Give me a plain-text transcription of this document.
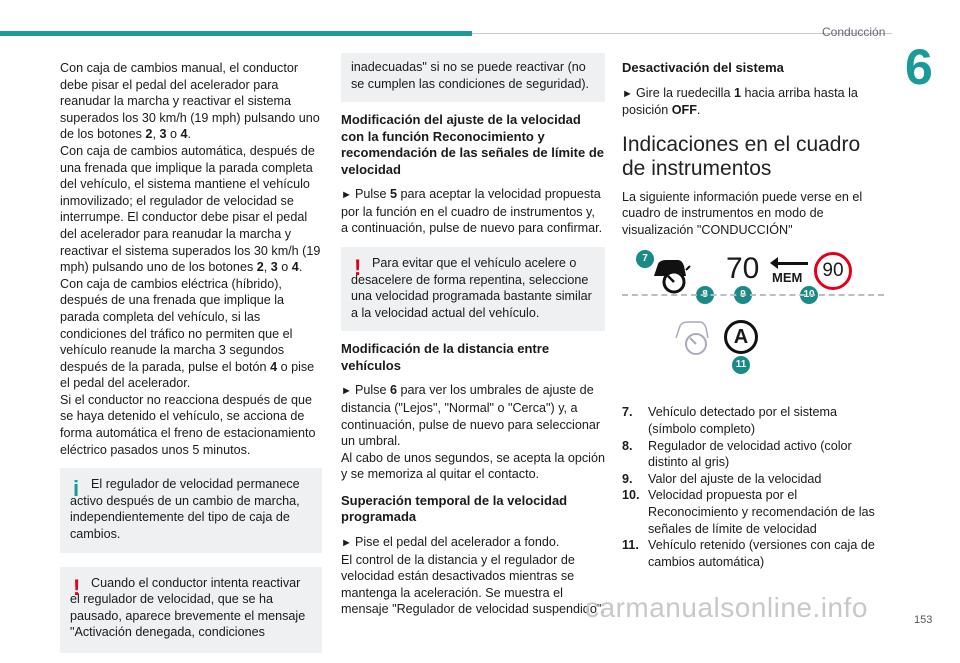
Conducción
6

Con caja de cambios manual, el conductor debe pisar el pedal del acelerador para reanudar la marcha y reactivar el sistema superados los 30 km/h (19 mph) pulsando uno de los botones 2, 3 o 4.

Con caja de cambios automática, después de una frenada que implique la parada completa del vehículo, el sistema mantiene el vehículo inmovilizado; el regulador de velocidad se interrumpe. El conductor debe pisar el pedal del acelerador para reanudar la marcha y reactivar el sistema superados los 30 km/h (19 mph) pulsando uno de los botones 2, 3 o 4.

Con caja de cambios eléctrica (híbrido), después de una frenada que implique la parada completa del vehículo, si las condiciones del tráfico no permiten que el vehículo reanude la marcha 3 segundos después de la parada, pulse el botón 4 o pise el pedal del acelerador.

Si el conductor no reacciona después de que se haya detenido el vehículo, se acciona de forma automática el freno de estacionamiento eléctrico pasados unos 5 minutos.

i El regulador de velocidad permanece activo después de un cambio de marcha, independientemente del tipo de caja de cambios.

! Cuando el conductor intenta reactivar el regulador de velocidad, que se ha pausado, aparece brevemente el mensaje "Activación denegada, condiciones

inadecuadas" si no se puede reactivar (no se cumplen las condiciones de seguridad).

Modificación del ajuste de la velocidad con la función Reconocimiento y recomendación de las señales de límite de velocidad

► Pulse 5 para aceptar la velocidad propuesta por la función en el cuadro de instrumentos y, a continuación, pulse de nuevo para confirmar.

! Para evitar que el vehículo acelere o desacelere de forma repentina, seleccione una velocidad programada bastante similar a la velocidad actual del vehículo.

Modificación de la distancia entre vehículos

► Pulse 6 para ver los umbrales de ajuste de distancia ("Lejos", "Normal" o "Cerca") y, a continuación, pulse de nuevo para seleccionar un umbral.

Al cabo de unos segundos, se acepta la opción y se memoriza al quitar el contacto.

Superación temporal de la velocidad programada

► Pise el pedal del acelerador a fondo.

El control de la distancia y el regulador de velocidad están desactivados mientras se mantenga la aceleración. Se muestra el mensaje "Regulador de velocidad suspendido".

Desactivación del sistema

► Gire la ruedecilla 1 hacia arriba hasta la posición OFF.

Indicaciones en el cuadro de instrumentos

La siguiente información puede verse en el cuadro de instrumentos en modo de visualización "CONDUCCIÓN"

7
8
70
9
MEM
10
90
A
11
7.	Vehículo detectado por el sistema (símbolo completo)
8.	Regulador de velocidad activo (color distinto al gris)
9.	Valor del ajuste de la velocidad
10. Velocidad propuesta por el Reconocimiento y recomendación de las señales de límite de velocidad
11. Vehículo retenido (versiones con caja de cambios automática)
carmanualsonline.info	153
